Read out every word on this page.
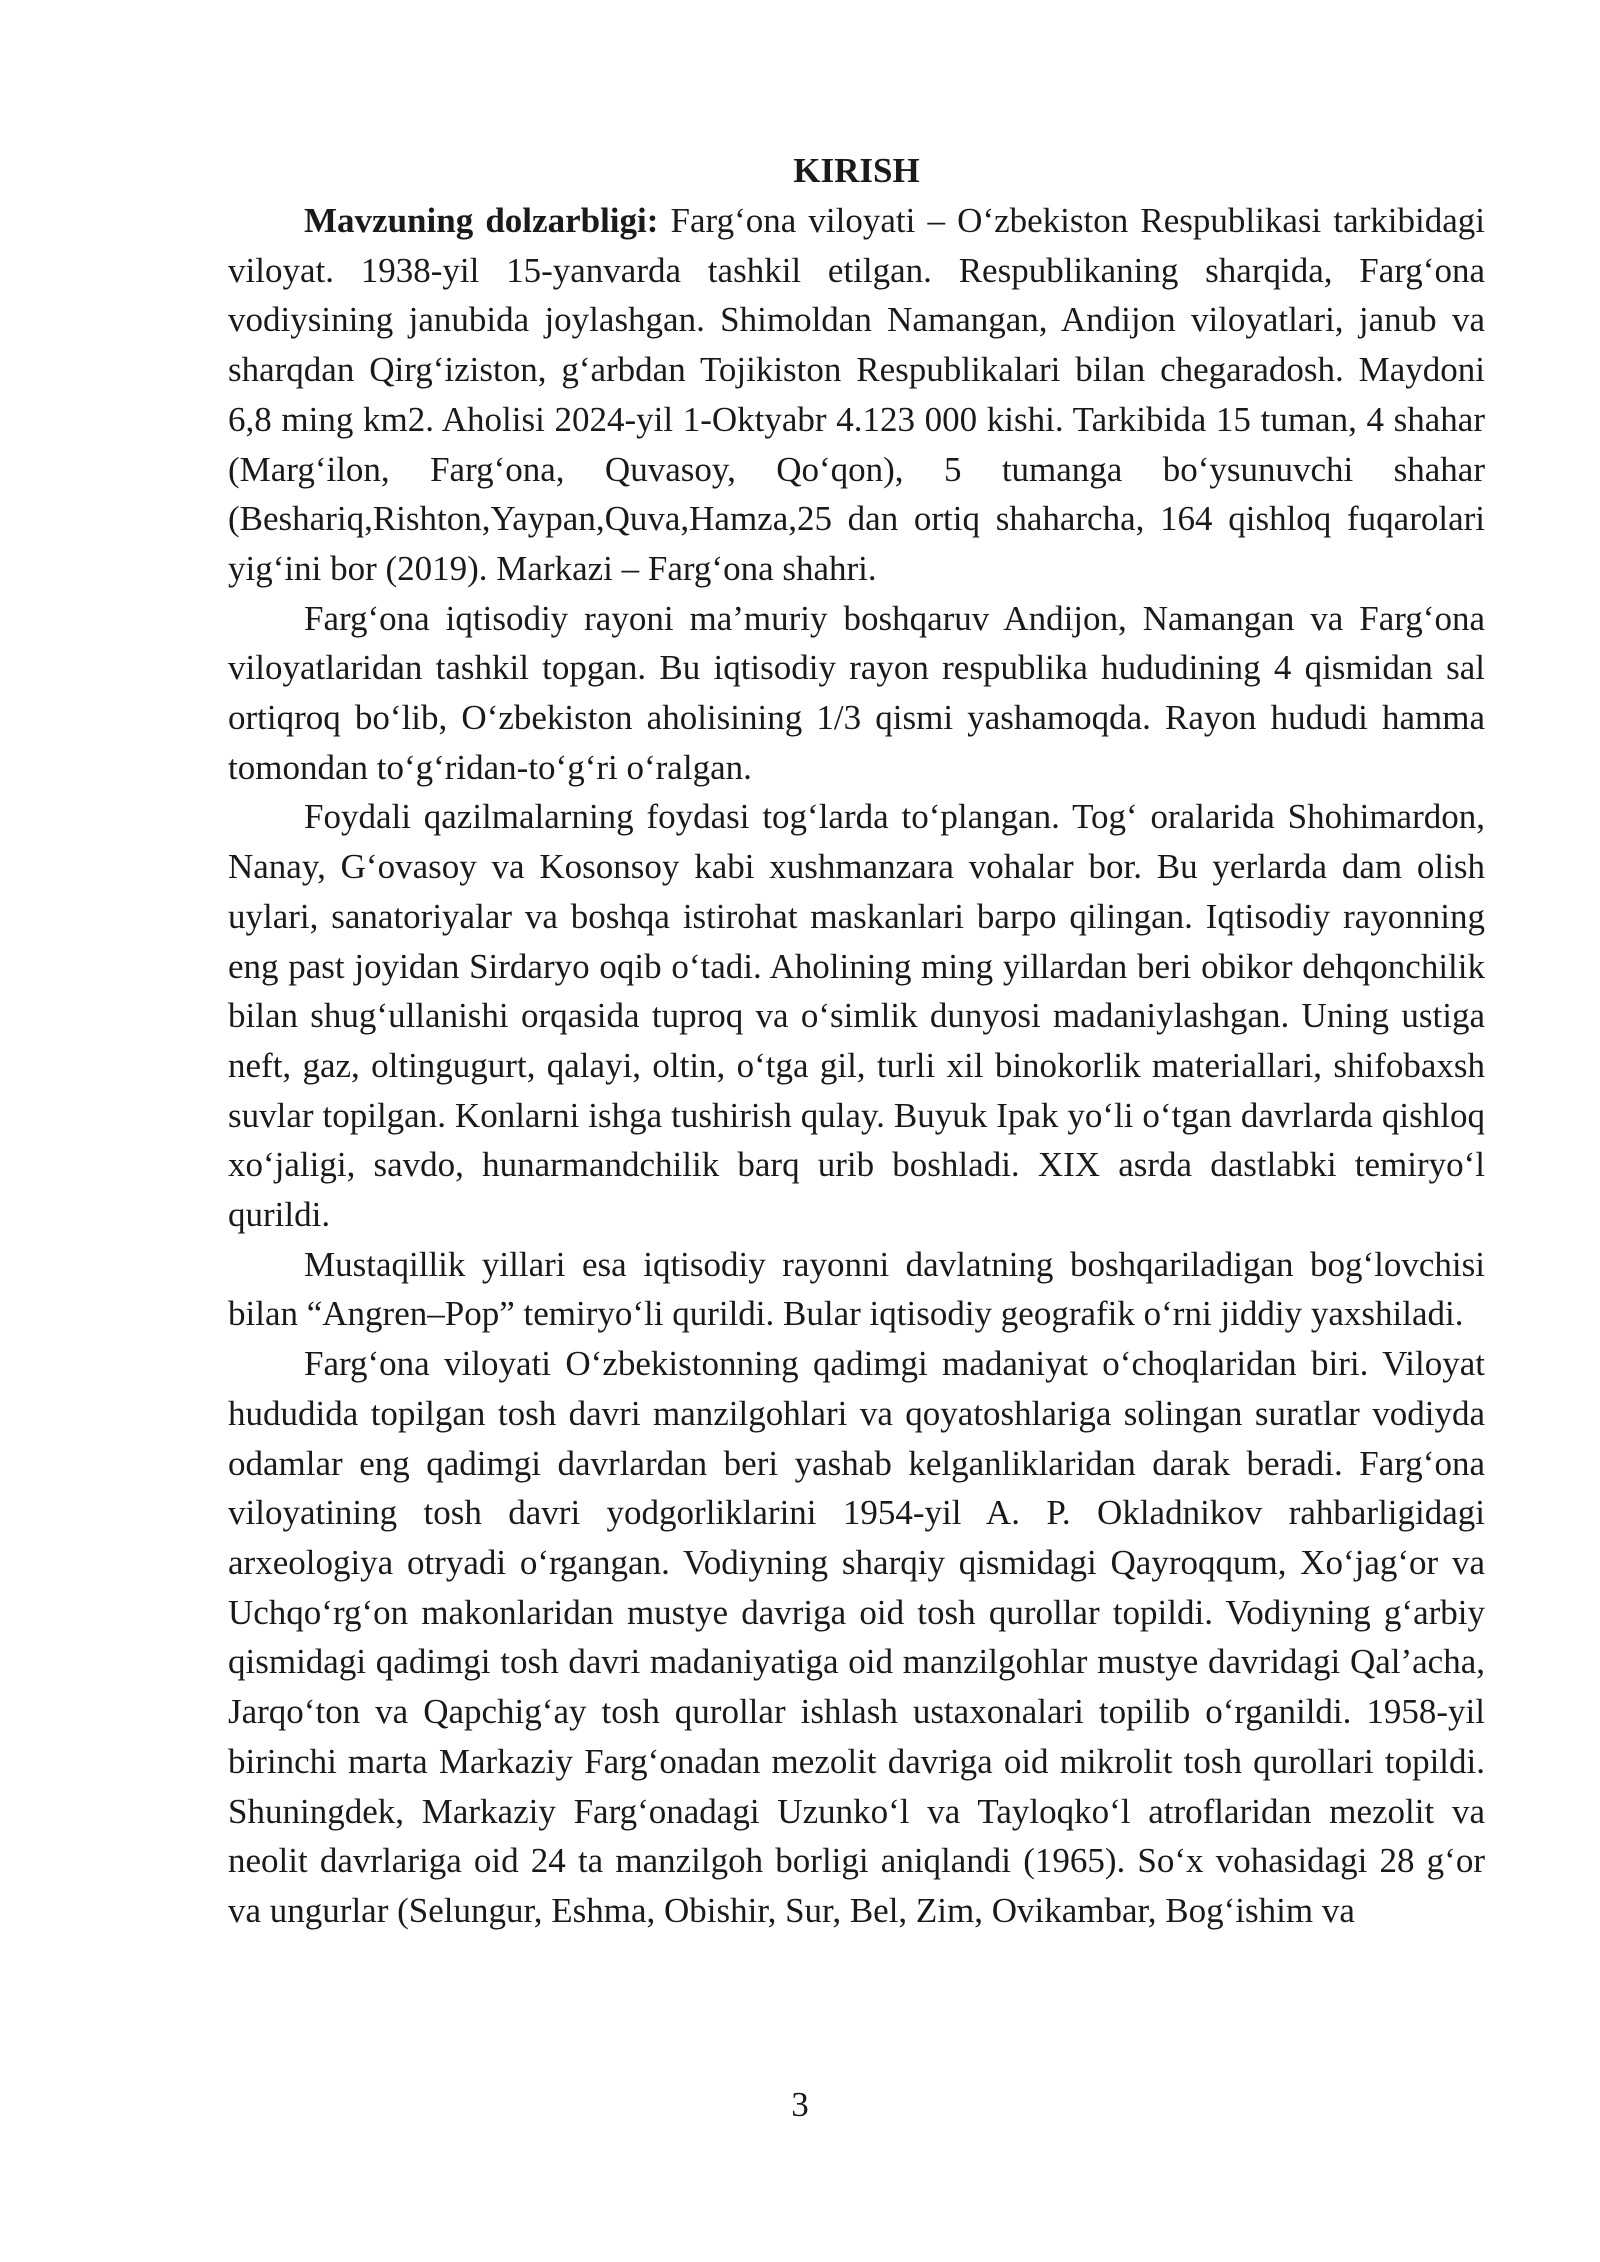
KIRISH

Mavzuning dolzarbligi: Farg‘ona viloyati – O‘zbekiston Respublikasi tarkibidagi viloyat. 1938-yil 15-yanvarda tashkil etilgan. Respublikaning sharqida, Farg‘ona vodiysining janubida joylashgan. Shimoldan Namangan, Andijon viloyatlari, janub va sharqdan Qirg‘iziston, g‘arbdan Tojikiston Respublikalari bilan chegaradosh. Maydoni 6,8 ming km2. Aholisi 2024-yil 1-Oktyabr 4.123 000 kishi. Tarkibida 15 tuman, 4 shahar (Marg‘ilon, Farg‘ona, Quvasoy, Qo‘qon), 5 tumanga bo‘ysunuvchi shahar (Beshariq,Rishton,Yaypan,Quva,Hamza,25 dan ortiq shaharcha, 164 qishloq fuqarolari yig‘ini bor (2019). Markazi – Farg‘ona shahri.

Farg‘ona iqtisodiy rayoni ma’muriy boshqaruv Andijon, Namangan va Farg‘ona viloyatlaridan tashkil topgan. Bu iqtisodiy rayon respublika hududining 4 qismidan sal ortiqroq bo‘lib, O‘zbekiston aholisining 1/3 qismi yashamoqda. Rayon hududi hamma tomondan to‘g‘ridan-to‘g‘ri o‘ralgan.

Foydali qazilmalarning foydasi tog‘larda to‘plangan. Tog‘ oralarida Shohimardon, Nanay, G‘ovasoy va Kosonsoy kabi xushmanzara vohalar bor. Bu yerlarda dam olish uylari, sanatoriyalar va boshqa istirohat maskanlari barpo qilingan. Iqtisodiy rayonning eng past joyidan Sirdaryo oqib o‘tadi. Aholining ming yillardan beri obikor dehqonchilik bilan shug‘ullanishi orqasida tuproq va o‘simlik dunyosi madaniylashgan. Uning ustiga neft, gaz, oltingugurt, qalayi, oltin, o‘tga gil, turli xil binokorlik materiallari, shifobaxsh suvlar topilgan. Konlarni ishga tushirish qulay. Buyuk Ipak yo‘li o‘tgan davrlarda qishloq xo‘jaligi, savdo, hunarmandchilik barq urib boshladi. XIX asrda dastlabki temiryo‘l qurildi.

Mustaqillik yillari esa iqtisodiy rayonni davlatning boshqariladigan bog‘lovchisi bilan “Angren–Pop” temiryo‘li qurildi. Bular iqtisodiy geografik o‘rni jiddiy yaxshiladi.

Farg‘ona viloyati O‘zbekistonning qadimgi madaniyat o‘choqlaridan biri. Viloyat hududida topilgan tosh davri manzilgohlari va qoyatoshlariga solingan suratlar vodiyda odamlar eng qadimgi davrlardan beri yashab kelganliklaridan darak beradi. Farg‘ona viloyatining tosh davri yodgorliklarini 1954-yil A. P. Okladnikov rahbarligidagi arxeologiya otryadi o‘rgangan. Vodiyning sharqiy qismidagi Qayroqqum, Xo‘jag‘or va Uchqo‘rg‘on makonlaridan mustye davriga oid tosh qurollar topildi. Vodiyning g‘arbiy qismidagi qadimgi tosh davri madaniyatiga oid manzilgohlar mustye davridagi Qal’acha, Jarqo‘ton va Qapchig‘ay tosh qurollar ishlash ustaxonalari topilib o‘rganildi. 1958-yil birinchi marta Markaziy Farg‘onadan mezolit davriga oid mikrolit tosh qurollari topildi. Shuningdek, Markaziy Farg‘onadagi Uzunko‘l va Tayloqko‘l atroflaridan mezolit va neolit davrlariga oid 24 ta manzilgoh borligi aniqlandi (1965). So‘x vohasidagi 28 g‘or va ungurlar (Selungur, Eshma, Obishir, Sur, Bel, Zim, Ovikambar, Bog‘ishim va

3
